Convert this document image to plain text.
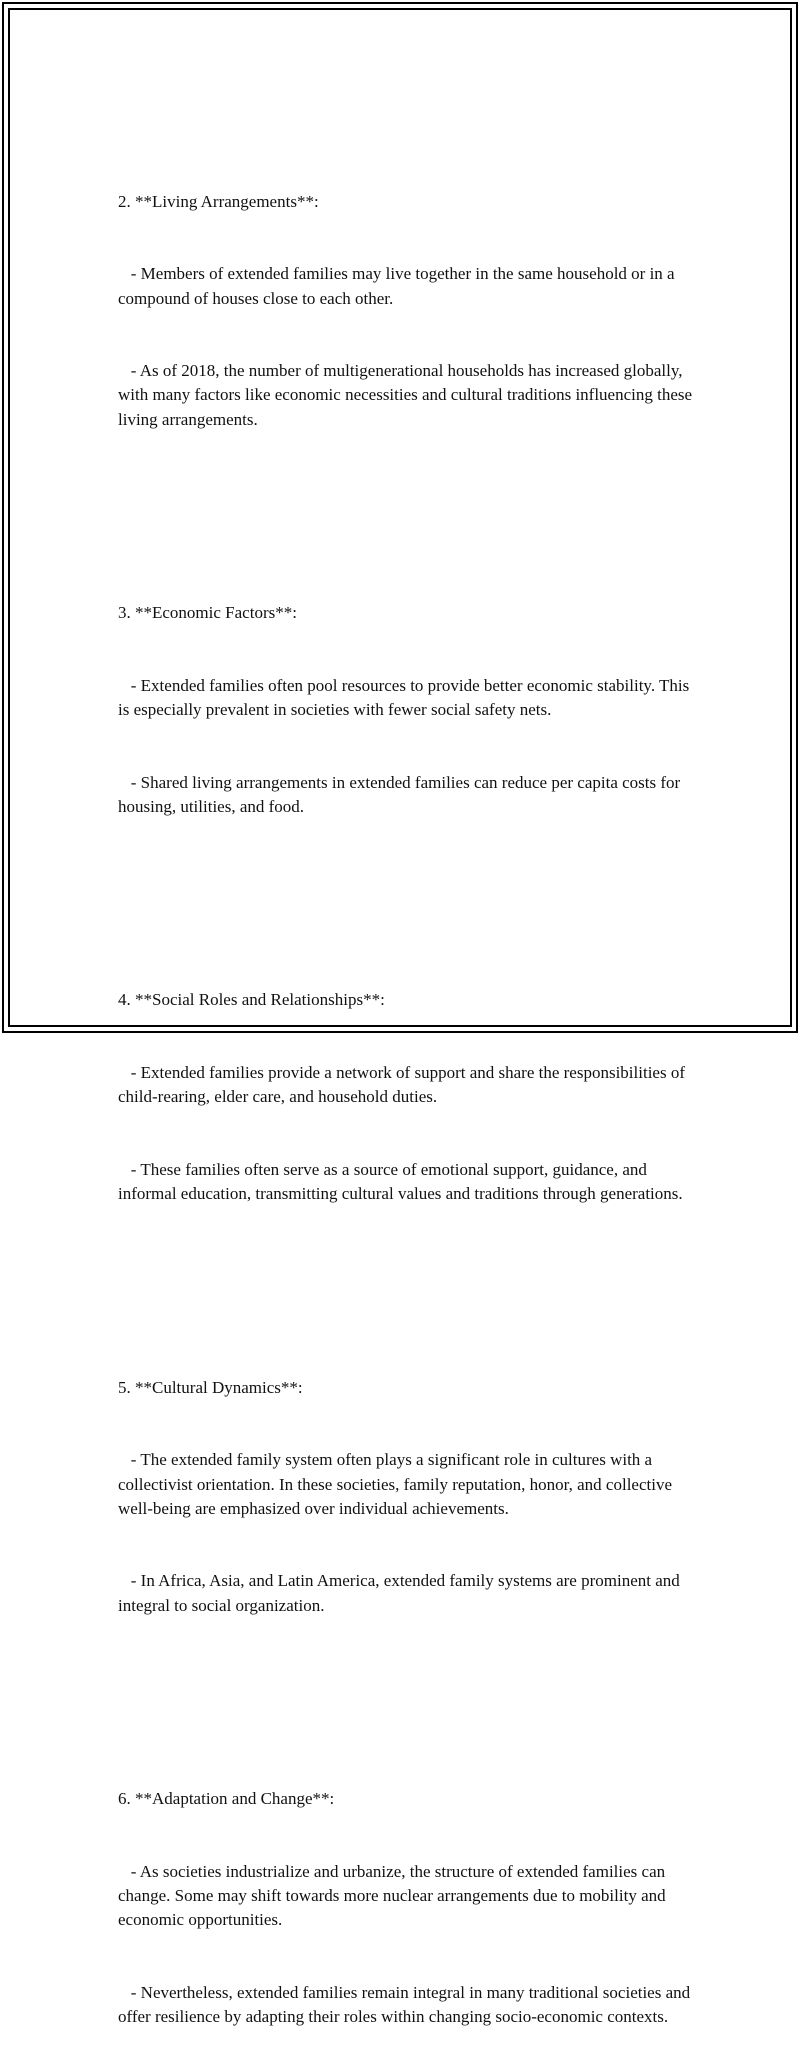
2. **Living Arrangements**:

- Members of extended families may live together in the same household or in a compound of houses close to each other.

- As of 2018, the number of multigenerational households has increased globally, with many factors like economic necessities and cultural traditions influencing these living arrangements.

3. **Economic Factors**:

- Extended families often pool resources to provide better economic stability. This is especially prevalent in societies with fewer social safety nets.

- Shared living arrangements in extended families can reduce per capita costs for housing, utilities, and food.

4. **Social Roles and Relationships**:

- Extended families provide a network of support and share the responsibilities of child-rearing, elder care, and household duties.

- These families often serve as a source of emotional support, guidance, and informal education, transmitting cultural values and traditions through generations.

5. **Cultural Dynamics**:

- The extended family system often plays a significant role in cultures with a collectivist orientation. In these societies, family reputation, honor, and collective well-being are emphasized over individual achievements.

- In Africa, Asia, and Latin America, extended family systems are prominent and integral to social organization.

6. **Adaptation and Change**:

- As societies industrialize and urbanize, the structure of extended families can change. Some may shift towards more nuclear arrangements due to mobility and economic opportunities.

- Nevertheless, extended families remain integral in many traditional societies and offer resilience by adapting their roles within changing socio-economic contexts.
